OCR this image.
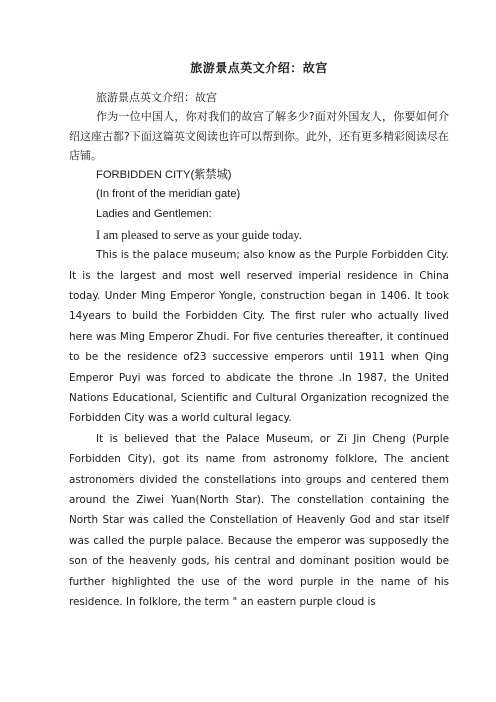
旅游景点英文介绍：故宫

旅游景点英文介绍：故宫

作为一位中国人，你对我们的故宫了解多少?面对外国友人，你要如何介绍这座古都?下面这篇英文阅读也许可以帮到你。此外，还有更多精彩阅读尽在店铺。

FORBIDDEN CITY(紫禁城)

(In front of the meridian gate)

Ladies and Gentlemen:

I am pleased to serve as your guide today.

This is the palace museum; also know as the Purple Forbidden City. It is the largest and most well reserved imperial residence in China today. Under Ming Emperor Yongle, construction began in 1406. It took 14years to build the Forbidden City. The first ruler who actually lived here was Ming Emperor Zhudi. For five centuries thereafter, it continued to be the residence of23 successive emperors until 1911 when Qing Emperor Puyi was forced to abdicate the throne .In 1987, the United Nations Educational, Scientific and Cultural Organization recognized the Forbidden City was a world cultural legacy.

It is believed that the Palace Museum, or Zi Jin Cheng (Purple Forbidden City), got its name from astronomy folklore, The ancient astronomers divided the constellations into groups and centered them around the Ziwei Yuan(North Star). The constellation containing the North Star was called the Constellation of Heavenly God and star itself was called the purple palace. Because the emperor was supposedly the son of the heavenly gods, his central and dominant position would be further highlighted the use of the word purple in the name of his residence. In folklore, the term " an eastern purple cloud is
